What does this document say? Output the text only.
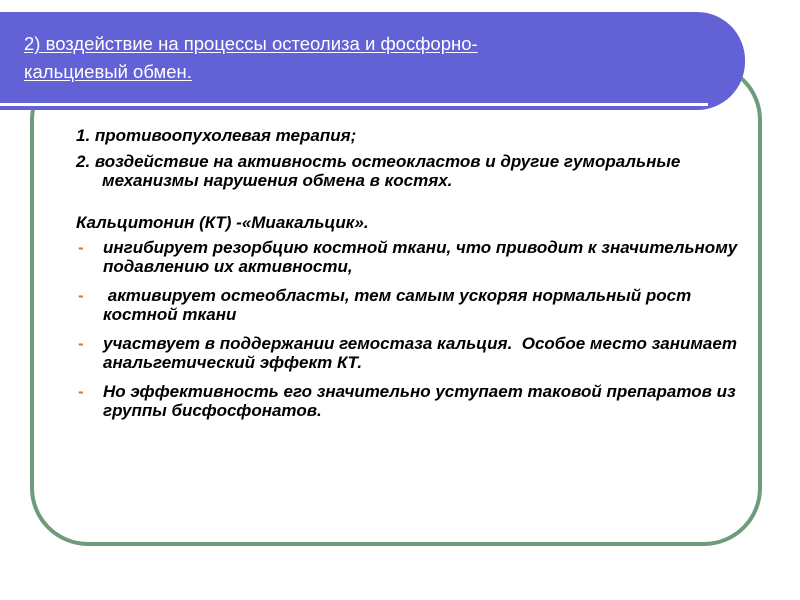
2) воздействие на процессы остеолиза и фосфорно-
кальциевый обмен.
1. противоопухолевая терапия;
2. воздействие на активность остеокластов и другие гуморальные механизмы нарушения обмена в костях.
Кальцитонин (КТ) -«Миакальцик».
- ингибирует резорбцию костной ткани, что приводит к значительному подавлению их активности,
- активирует остеобласты, тем самым ускоряя нормальный рост костной ткани
- участвует в поддержании гемостаза кальция.  Особое место занимает анальгетический эффект КТ.
- Но эффективность его значительно уступает таковой препаратов из группы бисфосфонатов.
